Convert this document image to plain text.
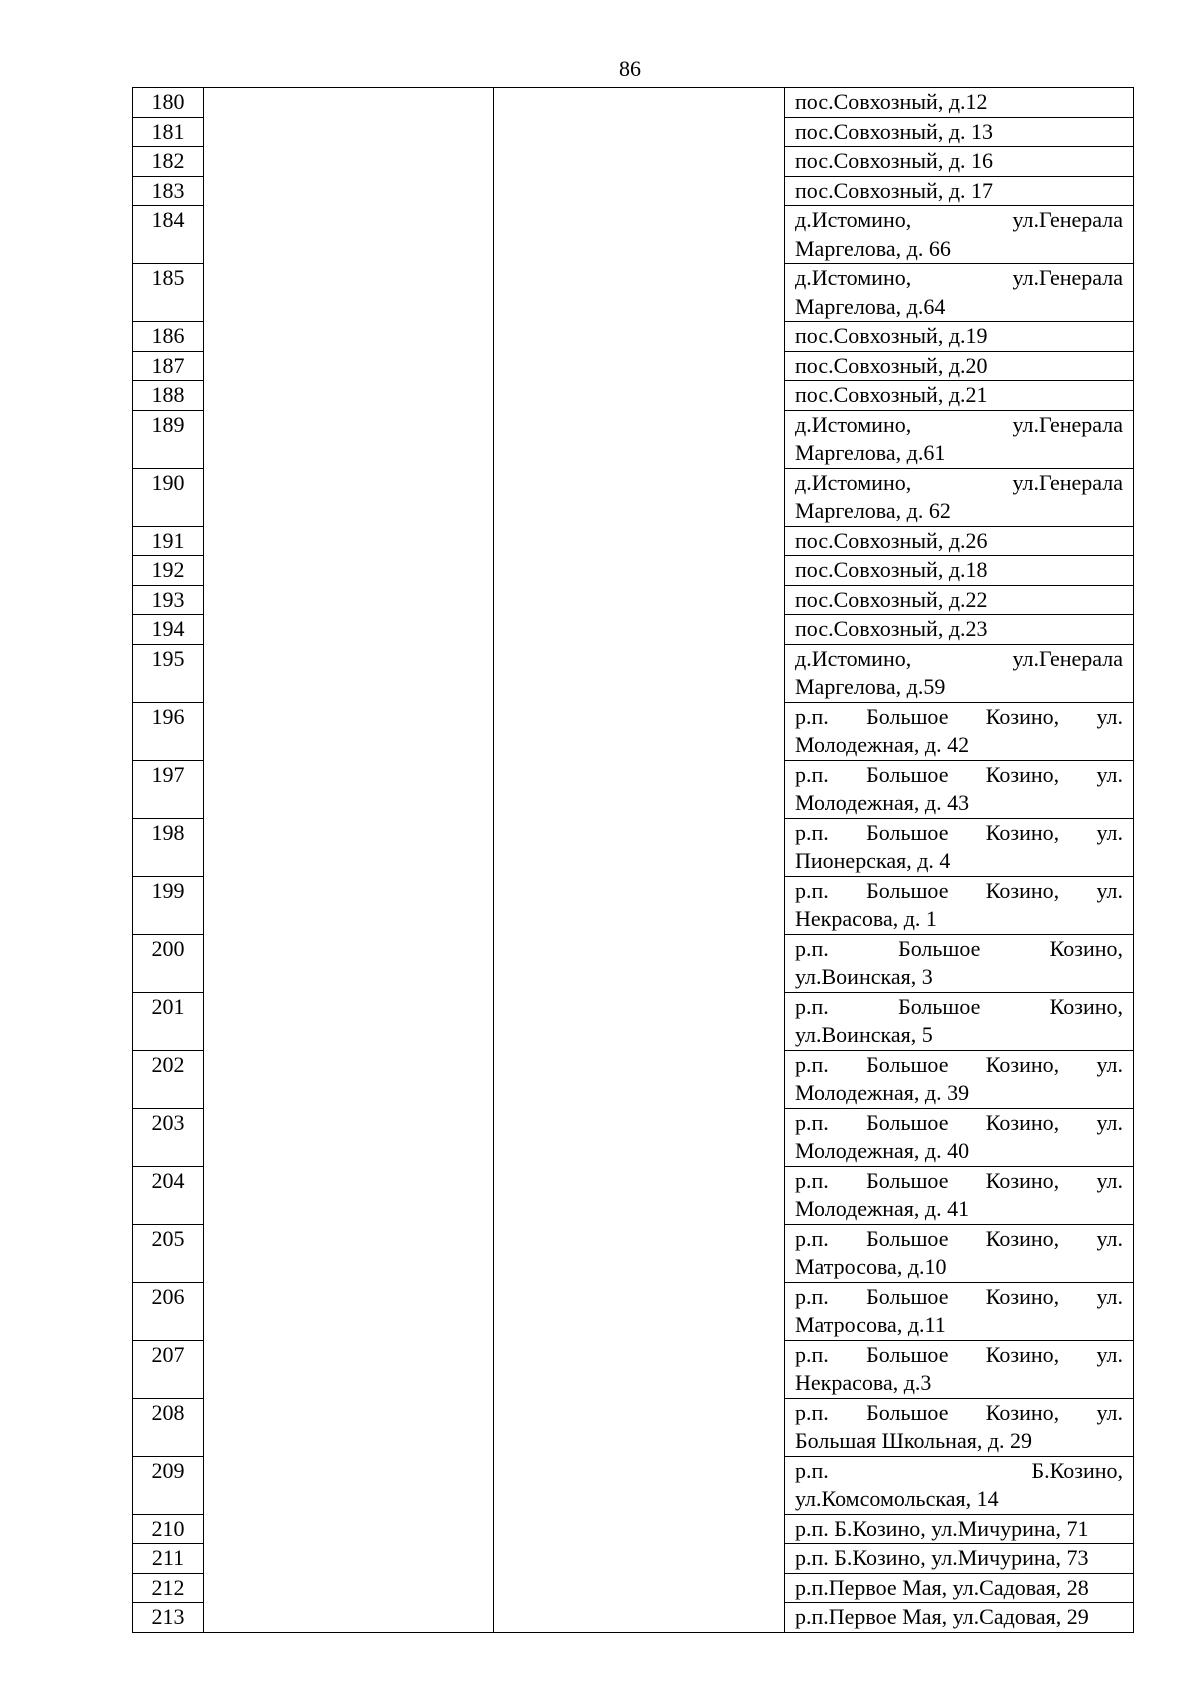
86
180			пос.Совхозный, д.12

181			пос.Совхозный, д. 13

182			пос.Совхозный, д. 16

183			пос.Совхозный, д. 17

184			д.Истомино, ул.Генерала
Маргелова, д. 66

185			д.Истомино, ул.Генерала
Маргелова, д.64

186			пос.Совхозный, д.19

187			пос.Совхозный, д.20

188			пос.Совхозный, д.21

189			д.Истомино, ул.Генерала
Маргелова, д.61

190			д.Истомино, ул.Генерала
Маргелова, д. 62

191			пос.Совхозный, д.26

192			пос.Совхозный, д.18

193			пос.Совхозный, д.22

194			пос.Совхозный, д.23

195			д.Истомино, ул.Генерала
Маргелова, д.59

196			р.п. Большое Козино, ул.
Молодежная, д. 42

197			р.п. Большое Козино, ул.
Молодежная, д. 43

198			р.п. Большое Козино, ул.
Пионерская, д. 4

199			р.п. Большое Козино, ул.
Некрасова, д. 1

200			р.п. Большое Козино,
ул.Воинская, 3

201			р.п. Большое Козино,
ул.Воинская, 5

202			р.п. Большое Козино, ул.
Молодежная, д. 39

203			р.п. Большое Козино, ул.
Молодежная, д. 40

204			р.п. Большое Козино, ул.
Молодежная, д. 41

205			р.п. Большое Козино, ул.
Матросова, д.10

206			р.п. Большое Козино, ул.
Матросова, д.11

207			р.п. Большое Козино, ул.
Некрасова, д.3

208			р.п. Большое Козино, ул.
Большая Школьная, д. 29

209			р.п. Б.Козино,
ул.Комсомольская, 14

210			р.п. Б.Козино, ул.Мичурина, 71

211			р.п. Б.Козино, ул.Мичурина, 73

212			р.п.Первое Мая, ул.Садовая, 28

213			р.п.Первое Мая, ул.Садовая, 29
